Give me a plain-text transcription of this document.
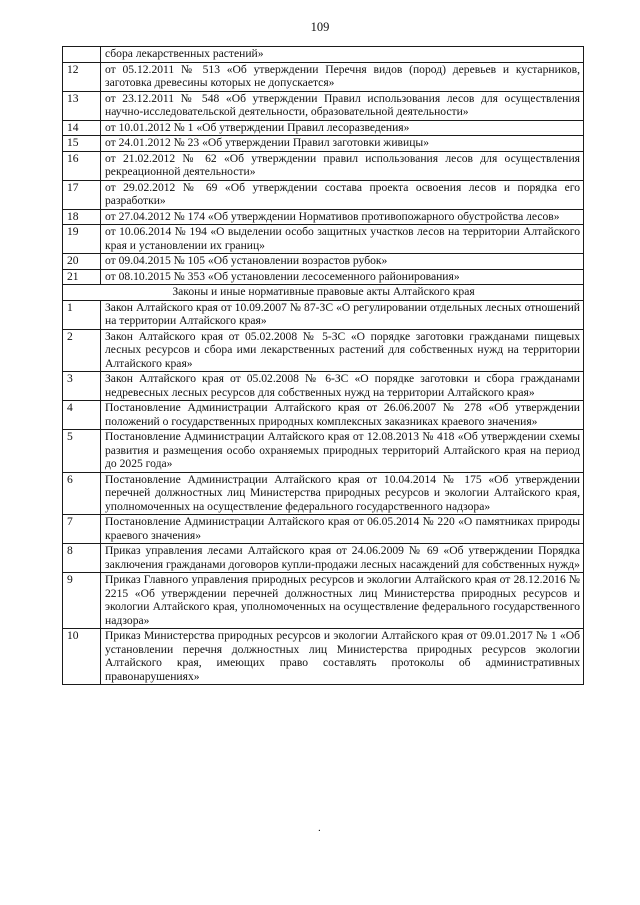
109
	сбора лекарственных растений»
12	от 05.12.2011 № 513 «Об утверждении Перечня видов (пород) деревьев и кустарников, заготовка древесины которых не допускается»
13	от 23.12.2011 № 548 «Об утверждении Правил использования лесов для осуществления научно-исследовательской деятельности, образовательной деятельности»
14	от 10.01.2012 № 1 «Об утверждении Правил лесоразведения»
15	от 24.01.2012 № 23 «Об утверждении Правил заготовки живицы»
16	от 21.02.2012 № 62 «Об утверждении правил использования лесов для осуществления рекреационной деятельности»
17	от 29.02.2012 № 69 «Об утверждении состава проекта освоения лесов и порядка его разработки»
18	от 27.04.2012 № 174 «Об утверждении Нормативов противопожарного обустройства лесов»
19	от 10.06.2014 № 194 «О выделении особо защитных участков лесов на территории Алтайского края и установлении их границ»
20	от 09.04.2015 № 105 «Об установлении возрастов рубок»
21	от 08.10.2015 № 353 «Об установлении лесосеменного районирования»
Законы и иные нормативные правовые акты Алтайского края	
1	Закон Алтайского края от 10.09.2007 № 87-ЗС «О регулировании отдельных лесных отношений на территории Алтайского края»
2	Закон Алтайского края от 05.02.2008 № 5-ЗС «О порядке заготовки гражданами пищевых лесных ресурсов и сбора ими лекарственных растений для собственных нужд на территории Алтайского края»
3	Закон Алтайского края от 05.02.2008 № 6-ЗС «О порядке заготовки и сбора гражданами недревесных лесных ресурсов для собственных нужд на территории Алтайского края»
4	Постановление Администрации Алтайского края от 26.06.2007 № 278 «Об утверждении положений о государственных природных комплексных заказниках краевого значения»
5	Постановление Администрации Алтайского края от 12.08.2013 № 418 «Об утверждении схемы развития и размещения особо охраняемых природных территорий Алтайского края на период до 2025 года»
6	Постановление Администрации Алтайского края от 10.04.2014 № 175 «Об утверждении перечней должностных лиц Министерства природных ресурсов и экологии Алтайского края, уполномоченных на осуществление федерального государственного надзора»
7	Постановление Администрации Алтайского края от 06.05.2014 № 220 «О памятниках природы краевого значения»
8	Приказ управления лесами Алтайского края от 24.06.2009 № 69 «Об утверждении Порядка заключения гражданами договоров купли-продажи лесных насаждений для собственных нужд»
9	Приказ Главного управления природных ресурсов и экологии Алтайского края от 28.12.2016 № 2215 «Об утверждении перечней должностных лиц Министерства природных ресурсов и экологии Алтайского края, уполномоченных на осуществление федерального государственного надзора»
10	Приказ Министерства природных ресурсов и экологии Алтайского края от 09.01.2017 № 1 «Об установлении перечня должностных лиц Министерства природных ресурсов экологии Алтайского края, имеющих право составлять протоколы об административных правонарушениях»
.
